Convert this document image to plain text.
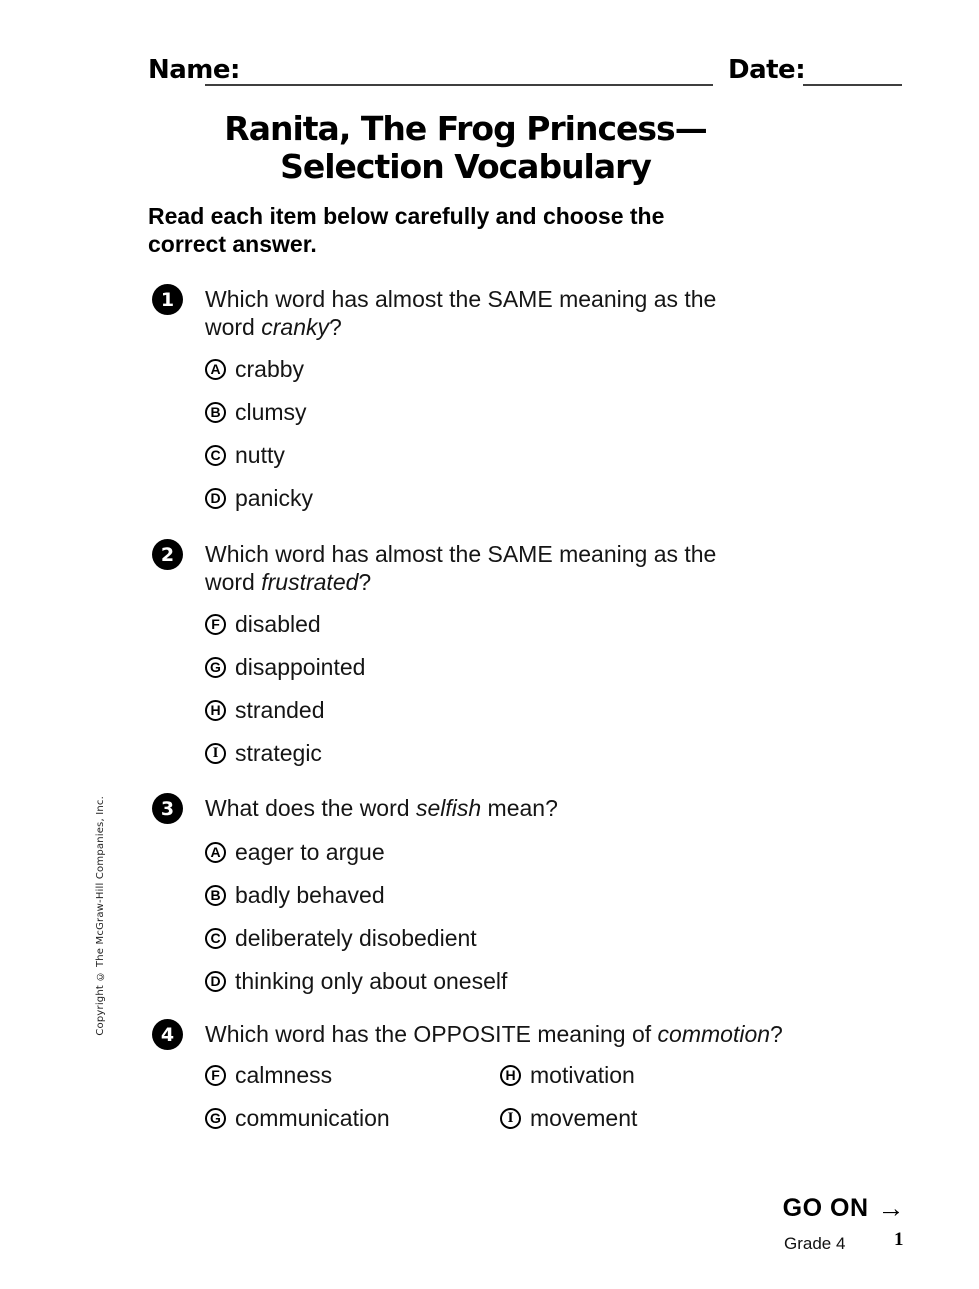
Name:	Date:
Ranita, The Frog Princess—
Selection Vocabulary
Read each item below carefully and choose the
correct answer.
1	Which word has almost the SAME meaning as the
word cranky?
A crabby
B clumsy
C nutty
D panicky
2	Which word has almost the SAME meaning as the
word frustrated?
F disabled
G disappointed
H stranded
I strategic
3	What does the word selfish mean?
A eager to argue
B badly behaved
C deliberately disobedient
D thinking only about oneself
4	Which word has the OPPOSITE meaning of commotion?
F calmness	H motivation
G communication	I movement
Copyright © The McGraw-Hill Companies, Inc.
GO ON →
Grade 4	1
